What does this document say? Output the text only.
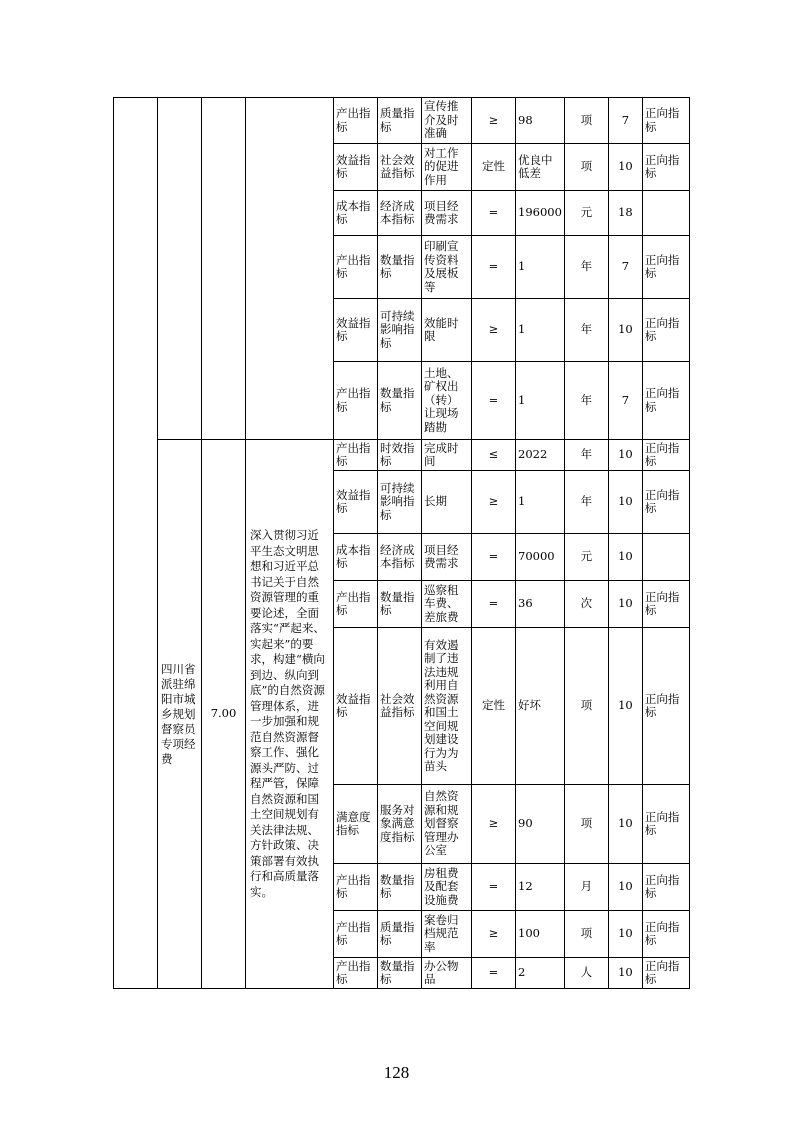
				产出指标	质量指标	宣传推介及时准确	≥	98	项	7	正向指标
				效益指标	社会效益指标	对工作的促进作用	定性	优良中低差	项	10	正向指标
				成本指标	经济成本指标	项目经费需求	=	196000	元	18	
				产出指标	数量指标	印刷宣传资料及展板等	=	1	年	7	正向指标
				效益指标	可持续影响指标	效能时限	≥	1	年	10	正向指标
				产出指标	数量指标	土地、矿权出（转）让现场踏勘	=	1	年	7	正向指标
	四川省派驻绵阳市城乡规划督察员专项经费	7.00	深入贯彻习近平生态文明思想和习近平总书记关于自然资源管理的重要论述，全面落实“严起来、实起来”的要求，构建“横向到边、纵向到底”的自然资源管理体系，进一步加强和规范自然资源督察工作、强化源头严防、过程严管，保障自然资源和国土空间规划有关法律法规、方针政策、决策部署有效执行和高质量落实。	产出指标	时效指标	完成时间	≤	2022	年	10	正向指标
				效益指标	可持续影响指标	长期	≥	1	年	10	正向指标
				成本指标	经济成本指标	项目经费需求	=	70000	元	10	
				产出指标	数量指标	巡察租车费、差旅费	=	36	次	10	正向指标
				效益指标	社会效益指标	有效遏制了违法违规利用自然资源和国土空间规划建设行为为苗头	定性	好坏	项	10	正向指标
				满意度指标	服务对象满意度指标	自然资源和规划督察管理办公室	≥	90	项	10	正向指标
				产出指标	数量指标	房租费及配套设施费	=	12	月	10	正向指标
				产出指标	质量指标	案卷归档规范率	≥	100	项	10	正向指标
				产出指标	数量指标	办公物品	=	2	人	10	正向指标
128
